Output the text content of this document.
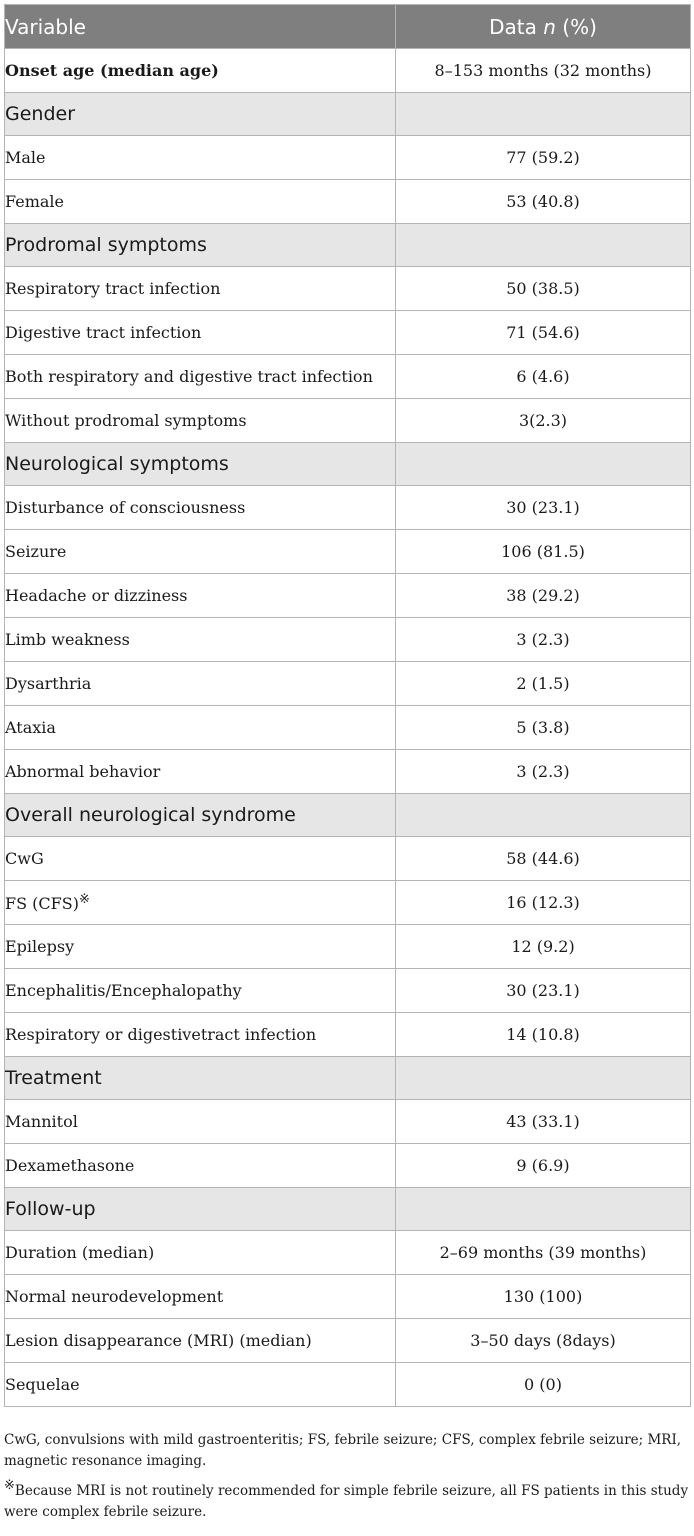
Variable	Data n (%)
Onset age (median age)	8–153 months (32 months)
Gender	
Male	77 (59.2)
Female	53 (40.8)
Prodromal symptoms	
Respiratory tract infection	50 (38.5)
Digestive tract infection	71 (54.6)
Both respiratory and digestive tract infection	6 (4.6)
Without prodromal symptoms	3(2.3)
Neurological symptoms	
Disturbance of consciousness	30 (23.1)
Seizure	106 (81.5)
Headache or dizziness	38 (29.2)
Limb weakness	3 (2.3)
Dysarthria	2 (1.5)
Ataxia	5 (3.8)
Abnormal behavior	3 (2.3)
Overall neurological syndrome	
CwG	58 (44.6)
FS (CFS)※	16 (12.3)
Epilepsy	12 (9.2)
Encephalitis/Encephalopathy	30 (23.1)
Respiratory or digestivetract infection	14 (10.8)
Treatment	
Mannitol	43 (33.1)
Dexamethasone	9 (6.9)
Follow-up	
Duration (median)	2–69 months (39 months)
Normal neurodevelopment	130 (100)
Lesion disappearance (MRI) (median)	3–50 days (8days)
Sequelae	0 (0)

CwG, convulsions with mild gastroenteritis; FS, febrile seizure; CFS, complex febrile seizure; MRI, magnetic resonance imaging.

※Because MRI is not routinely recommended for simple febrile seizure, all FS patients in this study were complex febrile seizure.
